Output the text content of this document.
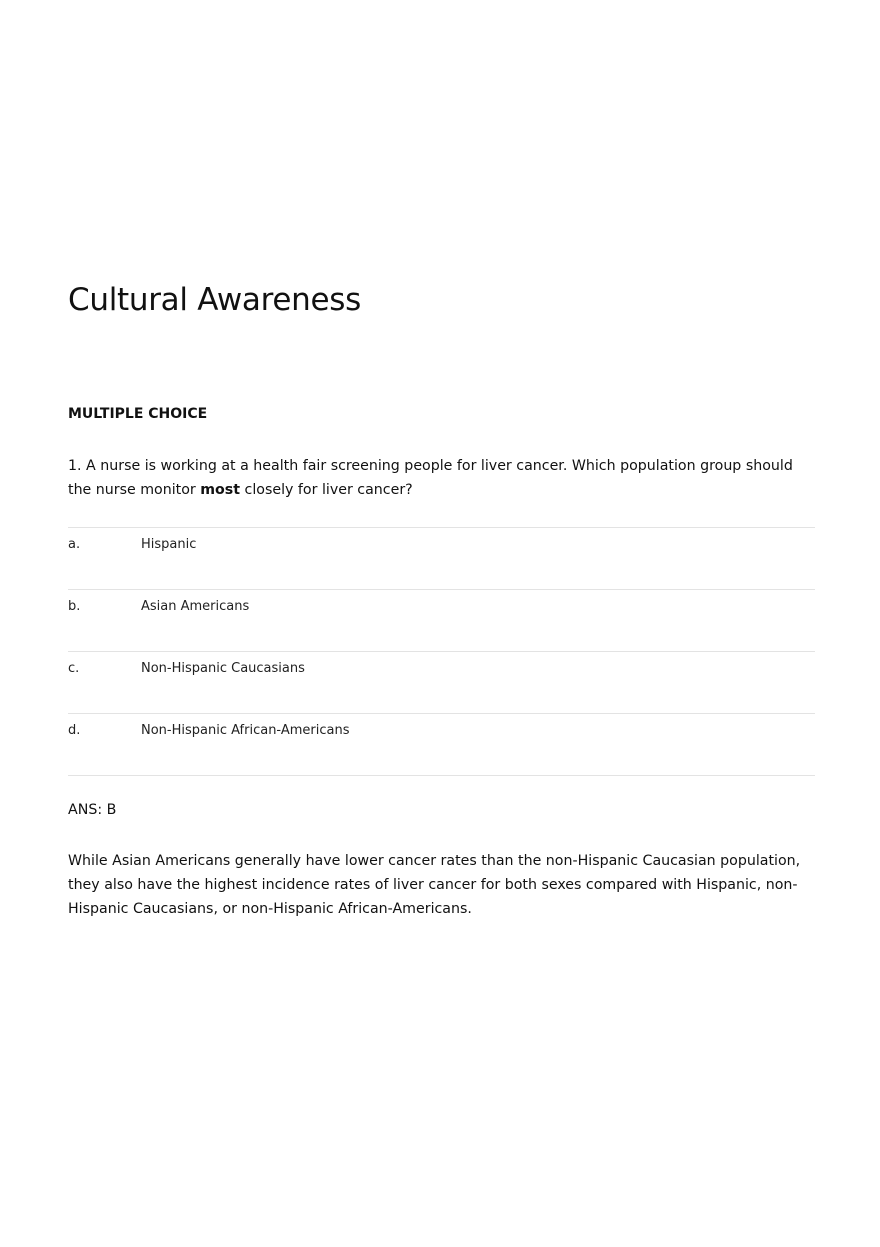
Cultural Awareness
MULTIPLE CHOICE
1. A nurse is working at a health fair screening people for liver cancer. Which population group should the nurse monitor most closely for liver cancer?
a.	Hispanic
b.	Asian Americans
c.	Non-Hispanic Caucasians
d.	Non-Hispanic African-Americans
ANS: B
While Asian Americans generally have lower cancer rates than the non-Hispanic Caucasian population, they also have the highest incidence rates of liver cancer for both sexes compared with Hispanic, non-Hispanic Caucasians, or non-Hispanic African-Americans.
